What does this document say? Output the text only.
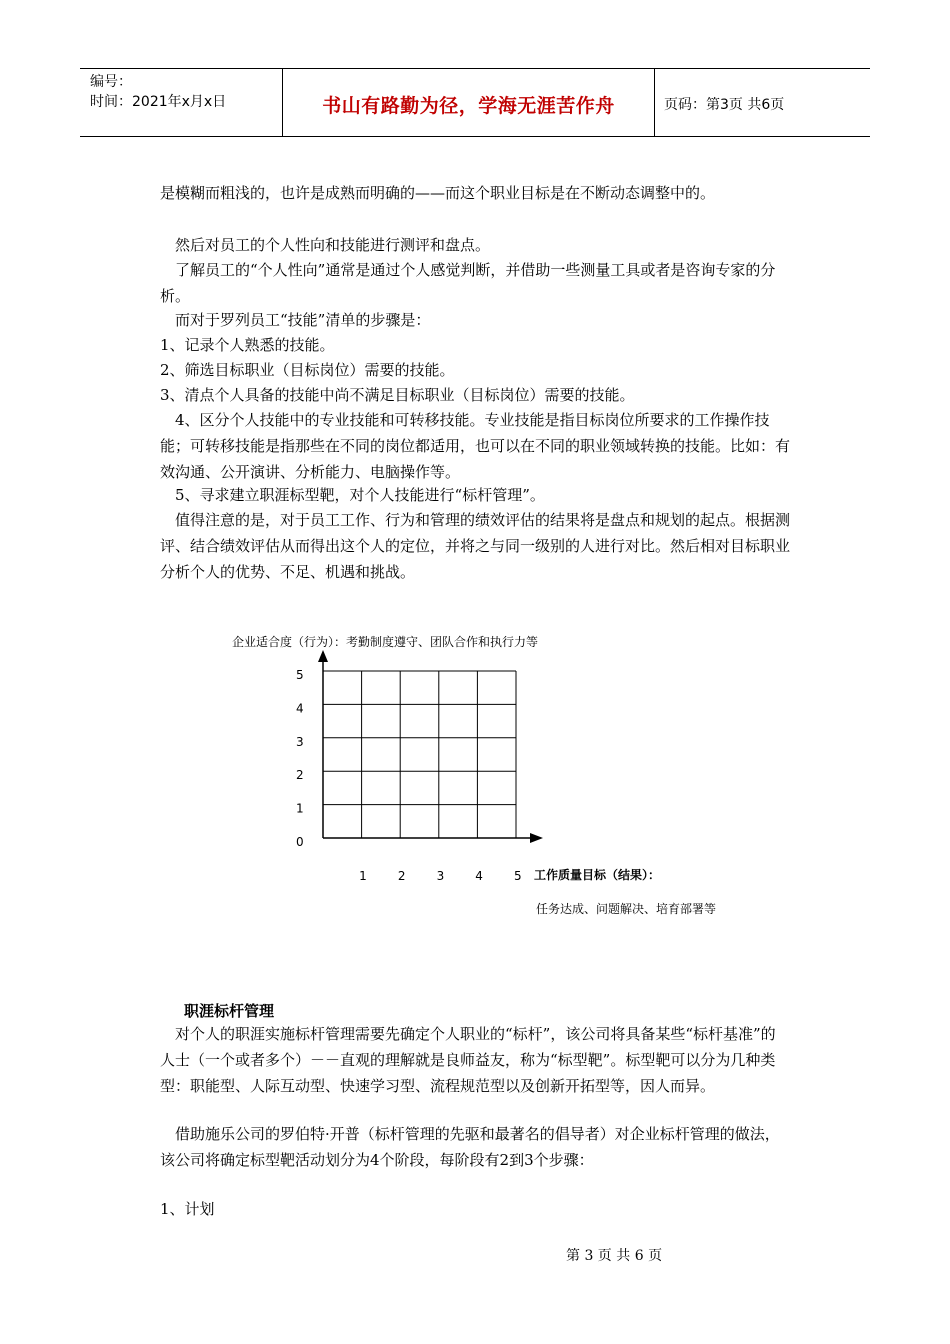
编号：
时间：2021年x月x日	书山有路勤为径，学海无涯苦作舟	页码：第3页 共6页
是模糊而粗浅的，也许是成熟而明确的——而这个职业目标是在不断动态调整中的。
　然后对员工的个人性向和技能进行测评和盘点。
　了解员工的“个人性向”通常是通过个人感觉判断，并借助一些测量工具或者是咨询专家的分析。
　而对于罗列员工“技能”清单的步骤是：
1、记录个人熟悉的技能。
2、筛选目标职业（目标岗位）需要的技能。
3、清点个人具备的技能中尚不满足目标职业（目标岗位）需要的技能。
　4、区分个人技能中的专业技能和可转移技能。专业技能是指目标岗位所要求的工作操作技能；可转移技能是指那些在不同的岗位都适用，也可以在不同的职业领域转换的技能。比如：有效沟通、公开演讲、分析能力、电脑操作等。
　5、寻求建立职涯标型靶，对个人技能进行“标杆管理”。
　值得注意的是，对于员工工作、行为和管理的绩效评估的结果将是盘点和规划的起点。根据测评、结合绩效评估从而得出这个人的定位，并将之与同一级别的人进行对比。然后相对目标职业分析个人的优势、不足、机遇和挑战。
企业适合度（行为）：考勤制度遵守、团队合作和执行力等
0
1
2
3
4
5
1	2	3	4	5 工作质量目标（结果）：
任务达成、问题解决、培育部署等
职涯标杆管理
　对个人的职涯实施标杆管理需要先确定个人职业的“标杆”，该公司将具备某些“标杆基准”的人士（一个或者多个）－－直观的理解就是良师益友，称为“标型靶”。标型靶可以分为几种类型：职能型、人际互动型、快速学习型、流程规范型以及创新开拓型等，因人而异。
　借助施乐公司的罗伯特·开普（标杆管理的先驱和最著名的倡导者）对企业标杆管理的做法，该公司将确定标型靶活动划分为4个阶段，每阶段有2到3个步骤：
1、计划
第 3 页 共 6 页
